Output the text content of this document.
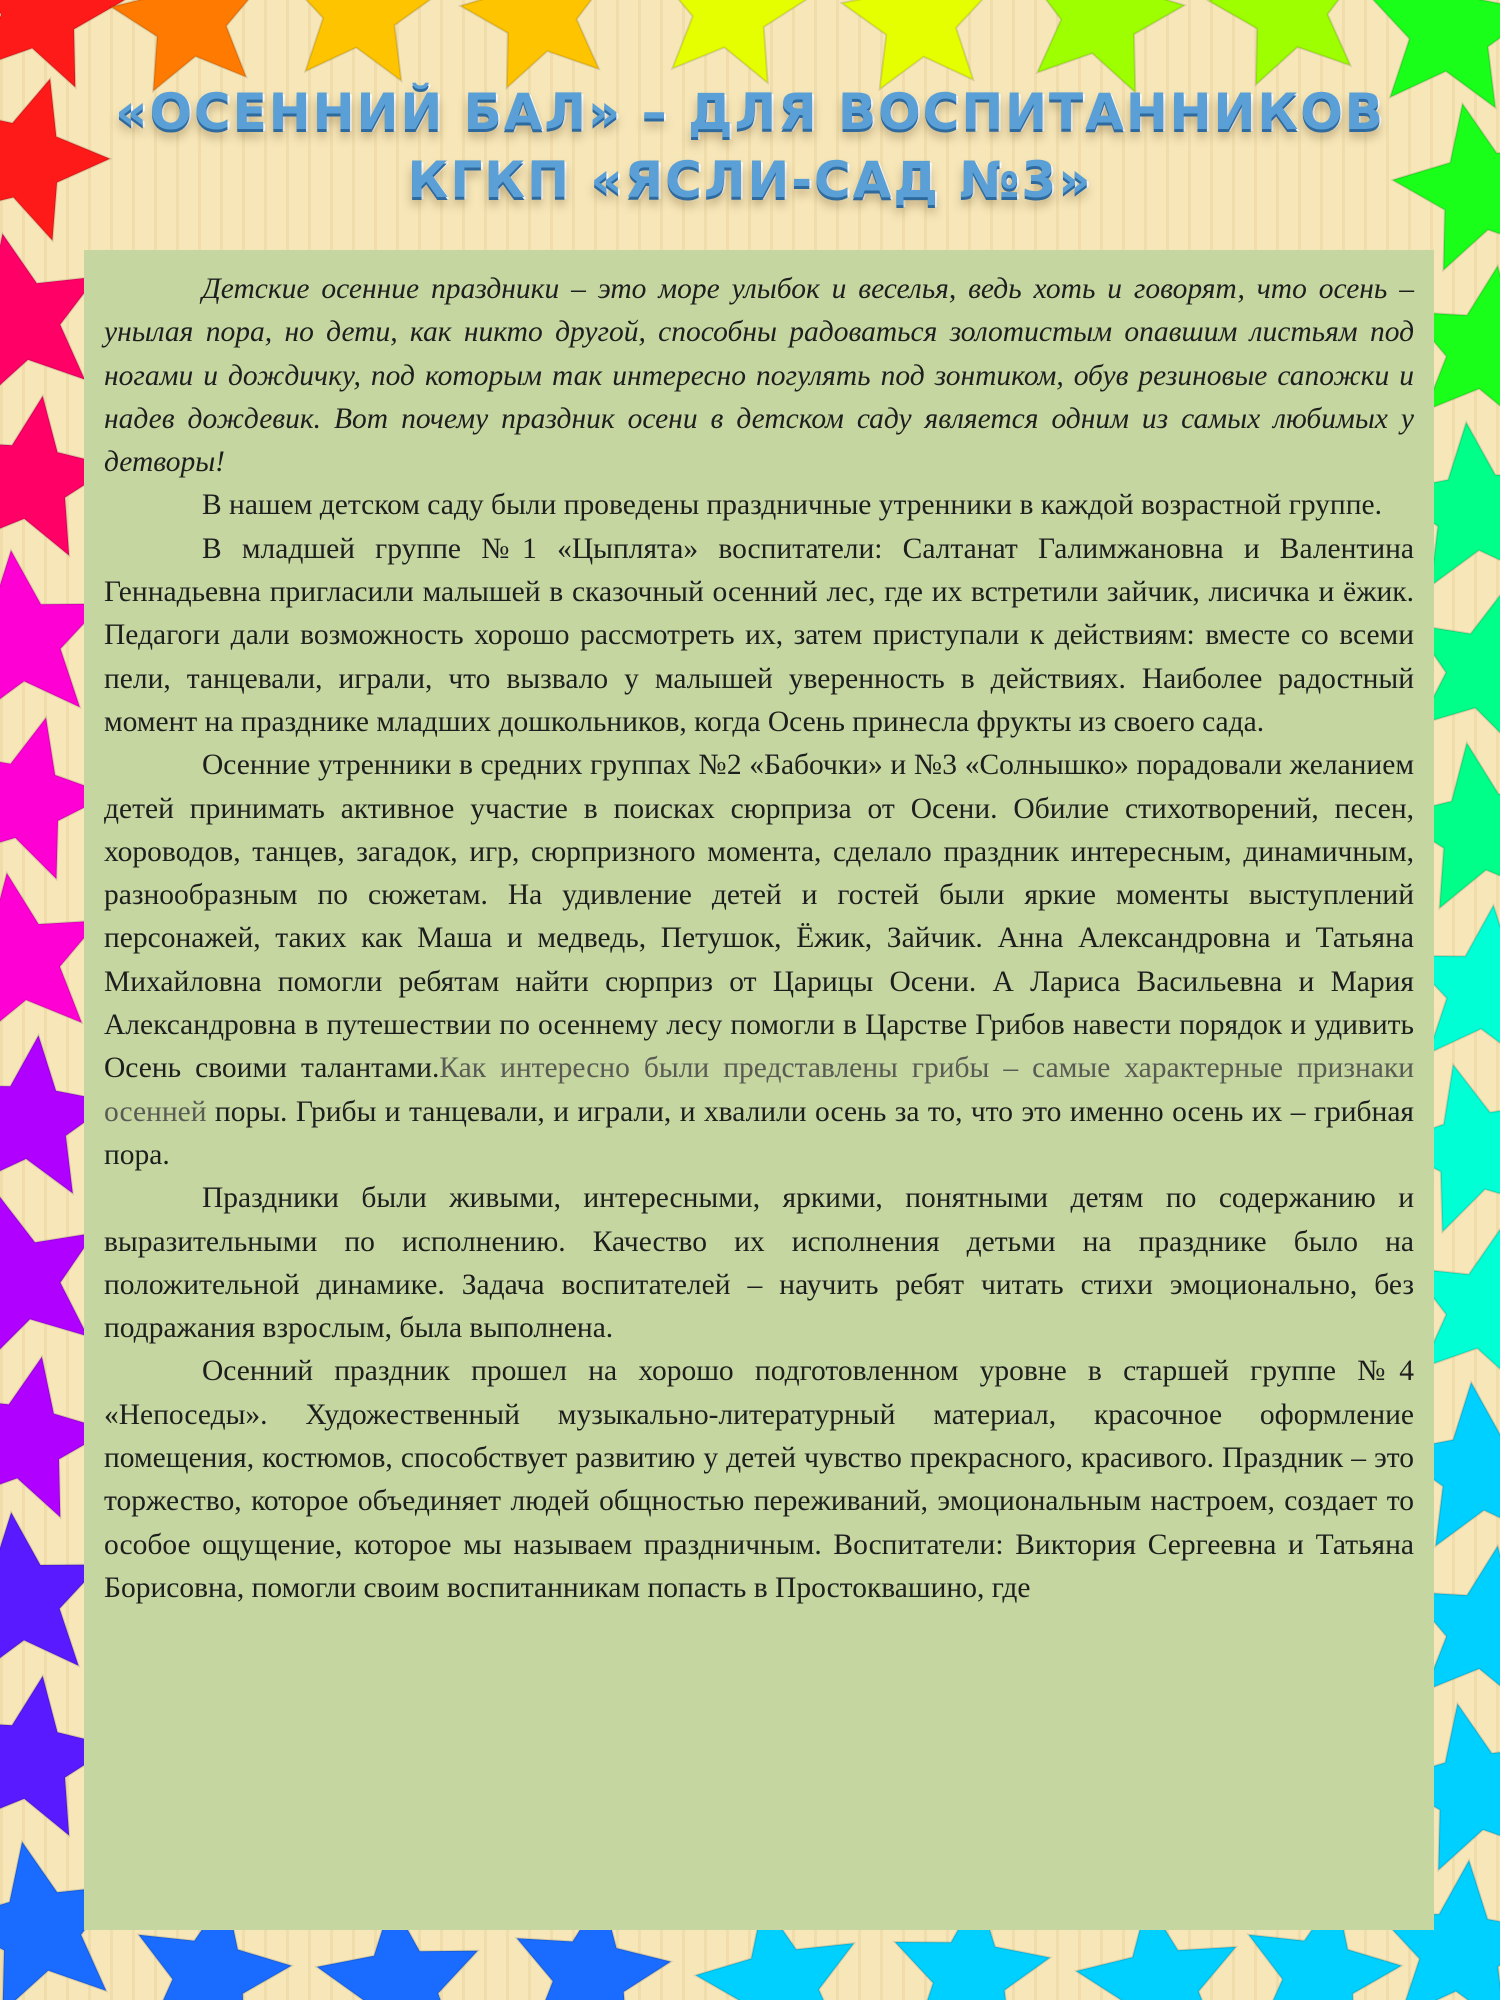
«ОСЕННИЙ БАЛ» – ДЛЯ ВОСПИТАННИКОВ
КГКП «ЯСЛИ-САД №3»

Детские осенние праздники – это море улыбок и веселья, ведь хоть и говорят, что осень – унылая пора, но дети, как никто другой, способны радоваться золотистым опавшим листьям под ногами и дождичку, под которым так интересно погулять под зонтиком, обув резиновые сапожки и надев дождевик. Вот почему праздник осени в детском саду является одним из самых любимых у детворы!

В нашем детском саду были проведены праздничные утренники в каждой возрастной группе.

В младшей группе №1 «Цыплята» воспитатели: Салтанат Галимжановна и Валентина Геннадьевна пригласили малышей в сказочный осенний лес, где их встретили зайчик, лисичка и ёжик. Педагоги дали возможность хорошо рассмотреть их, затем приступали к действиям: вместе со всеми пели, танцевали, играли, что вызвало у малышей уверенность в действиях. Наиболее радостный момент на празднике младших дошкольников, когда Осень принесла фрукты из своего сада.

Осенние утренники в средних группах №2 «Бабочки» и №3 «Солнышко» порадовали желанием детей принимать активное участие в поисках сюрприза от Осени. Обилие стихотворений, песен, хороводов, танцев, загадок, игр, сюрпризного момента, сделало праздник интересным, динамичным, разнообразным по сюжетам. На удивление детей и гостей были яркие моменты выступлений персонажей, таких как Маша и медведь, Петушок, Ёжик, Зайчик. Анна Александровна и Татьяна Михайловна помогли ребятам найти сюрприз от Царицы Осени. А Лариса Васильевна и Мария Александровна в путешествии по осеннему лесу помогли в Царстве Грибов навести порядок и удивить Осень своими талантами.Как интересно были представлены грибы – самые характерные признаки осенней поры. Грибы и танцевали, и играли, и хвалили осень за то, что это именно осень их – грибная пора.

Праздники были живыми, интересными, яркими, понятными детям по содержанию и выразительными по исполнению. Качество их исполнения детьми на празднике было на положительной динамике. Задача воспитателей – научить ребят читать стихи эмоционально, без подражания взрослым, была выполнена.

Осенний праздник прошел на хорошо подготовленном уровне в старшей группе №4 «Непоседы». Художественный музыкально-литературный материал, красочное оформление помещения, костюмов, способствует развитию у детей чувство прекрасного, красивого. Праздник – это торжество, которое объединяет людей общностью переживаний, эмоциональным настроем, создает то особое ощущение, которое мы называем праздничным. Воспитатели: Виктория Сергеевна и Татьяна Борисовна, помогли своим воспитанникам попасть в Простоквашино, где
